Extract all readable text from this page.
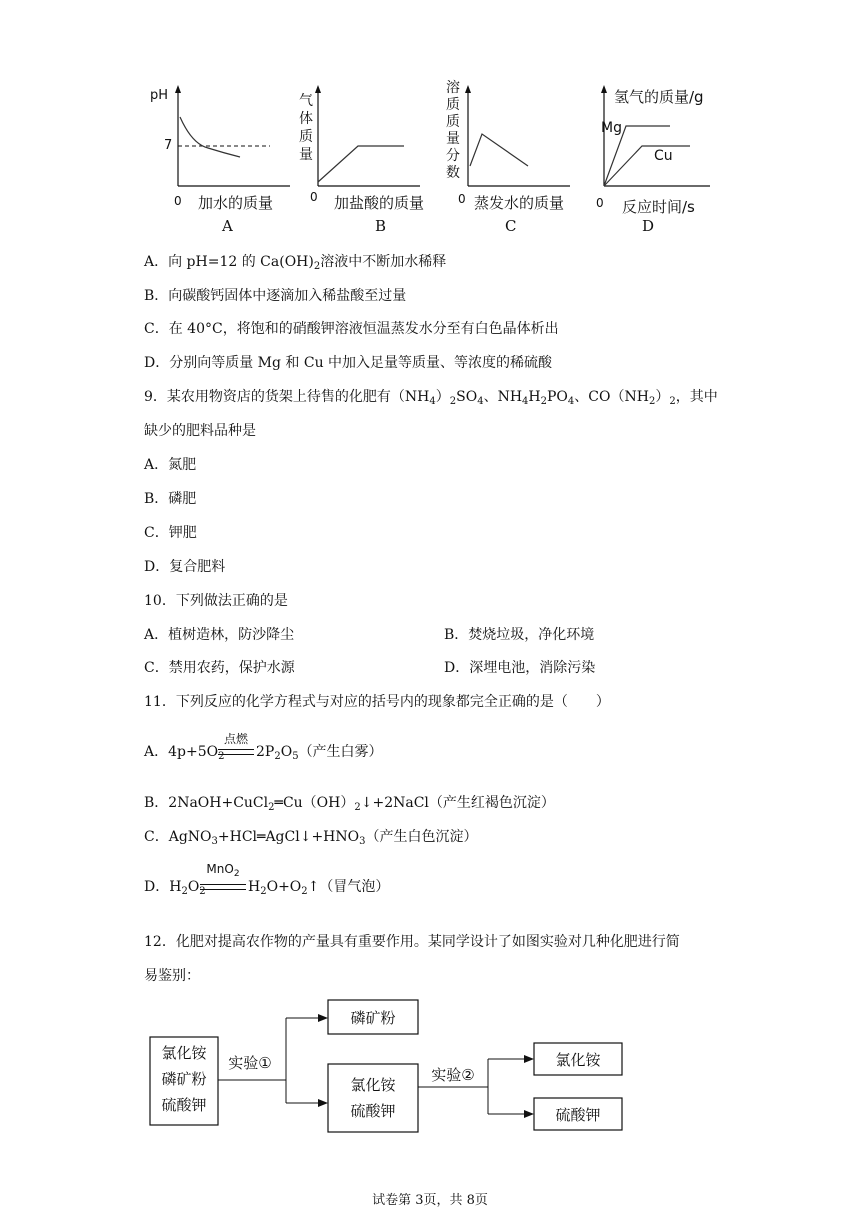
pH
7
0 加水的质量
A
气
体
质
量
0 加盐酸的质量
B
溶
质
质
量
分
数
0 蒸发水的质量
C
氢气的质量/g
Mg
Cu
0 反应时间/s
D
A．向 pH=12 的 $Ca(OH)_2$溶液中不断加水稀释
B．向碳酸钙固体中逐滴加入稀盐酸至过量
C．在 40°C，将饱和的硝酸钾溶液恒温蒸发水分至有白色晶体析出
D．分别向等质量 Mg 和 Cu 中加入足量等质量、等浓度的稀硫酸
9．某农用物资店的货架上待售的化肥有$(NH_4)_2SO_4$、$NH_4H_2PO_4$、$CO(NH_2)_2$，其中
缺少的肥料品种是
A．氮肥
B．磷肥
C．钾肥
D．复合肥料
10．下列做法正确的是
A．植树造林，防沙降尘	B．焚烧垃圾，净化环境
C．禁用农药，保护水源	D．深埋电池，消除污染
11．下列反应的化学方程式与对应的括号内的现象都完全正确的是（　　）
A．$4p+5O_2$
点燃
$2P_2O_5$（产生白雾）
B．$2NaOH+CuCl_2═Cu(OH)_2↓+2NaCl$（产生红褐色沉淀）
C．$AgNO_3+HCl═AgCl↓+HNO_3$（产生白色沉淀）
D．$H_2O_2$
MnO$_2$
$H_2O+O_2↑$（冒气泡）
12．化肥对提高农作物的产量具有重要作用。某同学设计了如图实验对几种化肥进行简
易鉴别：
氯化铵
磷矿粉
硫酸钾
实验①
磷矿粉
氯化铵
硫酸钾
实验②
氯化铵
硫酸钾
试卷第 3页，共 8页
